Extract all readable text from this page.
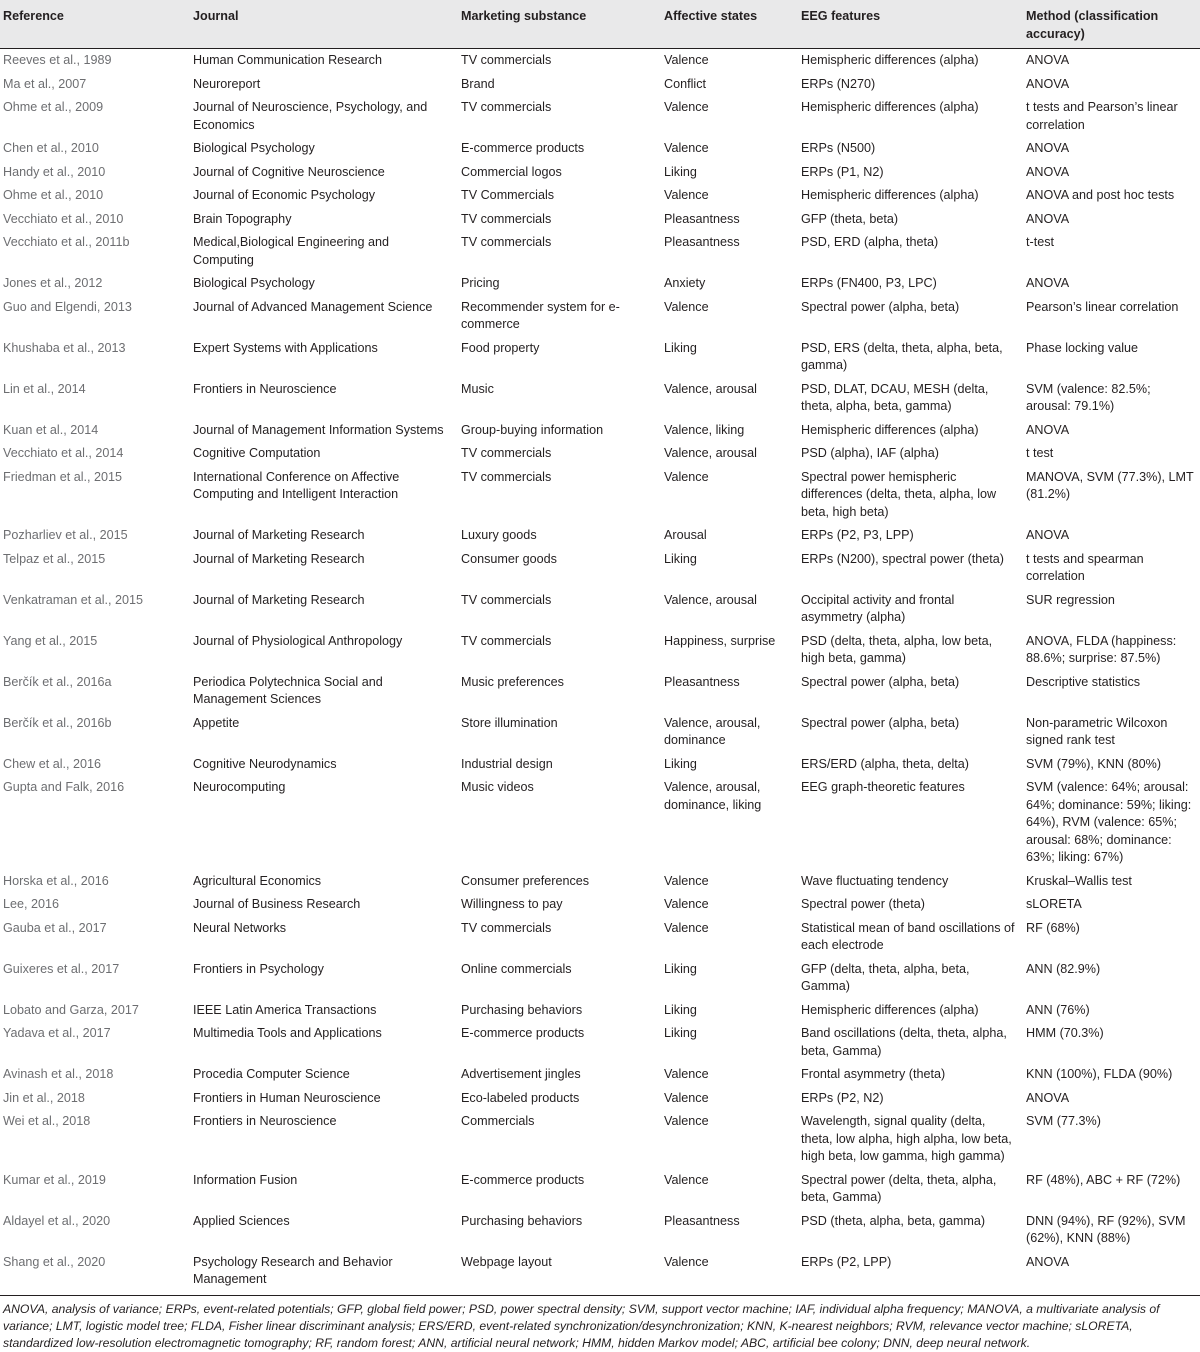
Reference	Journal	Marketing substance	Affective states	EEG features	Method (classification accuracy)
Reeves et al., 1989	Human Communication Research	TV commercials	Valence	Hemispheric differences (alpha)	ANOVA
Ma et al., 2007	Neuroreport	Brand	Conflict	ERPs (N270)	ANOVA
Ohme et al., 2009	Journal of Neuroscience, Psychology, and Economics	TV commercials	Valence	Hemispheric differences (alpha)	t tests and Pearson’s linear correlation
Chen et al., 2010	Biological Psychology	E-commerce products	Valence	ERPs (N500)	ANOVA
Handy et al., 2010	Journal of Cognitive Neuroscience	Commercial logos	Liking	ERPs (P1, N2)	ANOVA
Ohme et al., 2010	Journal of Economic Psychology	TV Commercials	Valence	Hemispheric differences (alpha)	ANOVA and post hoc tests
Vecchiato et al., 2010	Brain Topography	TV commercials	Pleasantness	GFP (theta, beta)	ANOVA
Vecchiato et al., 2011b	Medical,Biological Engineering and Computing	TV commercials	Pleasantness	PSD, ERD (alpha, theta)	t-test
Jones et al., 2012	Biological Psychology	Pricing	Anxiety	ERPs (FN400, P3, LPC)	ANOVA
Guo and Elgendi, 2013	Journal of Advanced Management Science	Recommender system for e-commerce	Valence	Spectral power (alpha, beta)	Pearson’s linear correlation
Khushaba et al., 2013	Expert Systems with Applications	Food property	Liking	PSD, ERS (delta, theta, alpha, beta, gamma)	Phase locking value
Lin et al., 2014	Frontiers in Neuroscience	Music	Valence, arousal	PSD, DLAT, DCAU, MESH (delta, theta, alpha, beta, gamma)	SVM (valence: 82.5%; arousal: 79.1%)
Kuan et al., 2014	Journal of Management Information Systems	Group-buying information	Valence, liking	Hemispheric differences (alpha)	ANOVA
Vecchiato et al., 2014	Cognitive Computation	TV commercials	Valence, arousal	PSD (alpha), IAF (alpha)	t test
Friedman et al., 2015	International Conference on Affective Computing and Intelligent Interaction	TV commercials	Valence	Spectral power hemispheric differences (delta, theta, alpha, low beta, high beta)	MANOVA, SVM (77.3%), LMT (81.2%)
Pozharliev et al., 2015	Journal of Marketing Research	Luxury goods	Arousal	ERPs (P2, P3, LPP)	ANOVA
Telpaz et al., 2015	Journal of Marketing Research	Consumer goods	Liking	ERPs (N200), spectral power (theta)	t tests and spearman correlation
Venkatraman et al., 2015	Journal of Marketing Research	TV commercials	Valence, arousal	Occipital activity and frontal asymmetry (alpha)	SUR regression
Yang et al., 2015	Journal of Physiological Anthropology	TV commercials	Happiness, surprise	PSD (delta, theta, alpha, low beta, high beta, gamma)	ANOVA, FLDA (happiness: 88.6%; surprise: 87.5%)
Berčík et al., 2016a	Periodica Polytechnica Social and Management Sciences	Music preferences	Pleasantness	Spectral power (alpha, beta)	Descriptive statistics
Berčík et al., 2016b	Appetite	Store illumination	Valence, arousal, dominance	Spectral power (alpha, beta)	Non-parametric Wilcoxon signed rank test
Chew et al., 2016	Cognitive Neurodynamics	Industrial design	Liking	ERS/ERD (alpha, theta, delta)	SVM (79%), KNN (80%)
Gupta and Falk, 2016	Neurocomputing	Music videos	Valence, arousal, dominance, liking	EEG graph-theoretic features	SVM (valence: 64%; arousal: 64%; dominance: 59%; liking: 64%), RVM (valence: 65%; arousal: 68%; dominance: 63%; liking: 67%)
Horska et al., 2016	Agricultural Economics	Consumer preferences	Valence	Wave fluctuating tendency	Kruskal–Wallis test
Lee, 2016	Journal of Business Research	Willingness to pay	Valence	Spectral power (theta)	sLORETA
Gauba et al., 2017	Neural Networks	TV commercials	Valence	Statistical mean of band oscillations of each electrode	RF (68%)
Guixeres et al., 2017	Frontiers in Psychology	Online commercials	Liking	GFP (delta, theta, alpha, beta, Gamma)	ANN (82.9%)
Lobato and Garza, 2017	IEEE Latin America Transactions	Purchasing behaviors	Liking	Hemispheric differences (alpha)	ANN (76%)
Yadava et al., 2017	Multimedia Tools and Applications	E-commerce products	Liking	Band oscillations (delta, theta, alpha, beta, Gamma)	HMM (70.3%)
Avinash et al., 2018	Procedia Computer Science	Advertisement jingles	Valence	Frontal asymmetry (theta)	KNN (100%), FLDA (90%)
Jin et al., 2018	Frontiers in Human Neuroscience	Eco-labeled products	Valence	ERPs (P2, N2)	ANOVA
Wei et al., 2018	Frontiers in Neuroscience	Commercials	Valence	Wavelength, signal quality (delta, theta, low alpha, high alpha, low beta, high beta, low gamma, high gamma)	SVM (77.3%)
Kumar et al., 2019	Information Fusion	E-commerce products	Valence	Spectral power (delta, theta, alpha, beta, Gamma)	RF (48%), ABC + RF (72%)
Aldayel et al., 2020	Applied Sciences	Purchasing behaviors	Pleasantness	PSD (theta, alpha, beta, gamma)	DNN (94%), RF (92%), SVM (62%), KNN (88%)
Shang et al., 2020	Psychology Research and Behavior Management	Webpage layout	Valence	ERPs (P2, LPP)	ANOVA
ANOVA, analysis of variance; ERPs, event-related potentials; GFP, global field power; PSD, power spectral density; SVM, support vector machine; IAF, individual alpha frequency; MANOVA, a multivariate analysis of variance; LMT, logistic model tree; FLDA, Fisher linear discriminant analysis; ERS/ERD, event-related synchronization/desynchronization; KNN, K-nearest neighbors; RVM, relevance vector machine; sLORETA, standardized low-resolution electromagnetic tomography; RF, random forest; ANN, artificial neural network; HMM, hidden Markov model; ABC, artificial bee colony; DNN, deep neural network.
